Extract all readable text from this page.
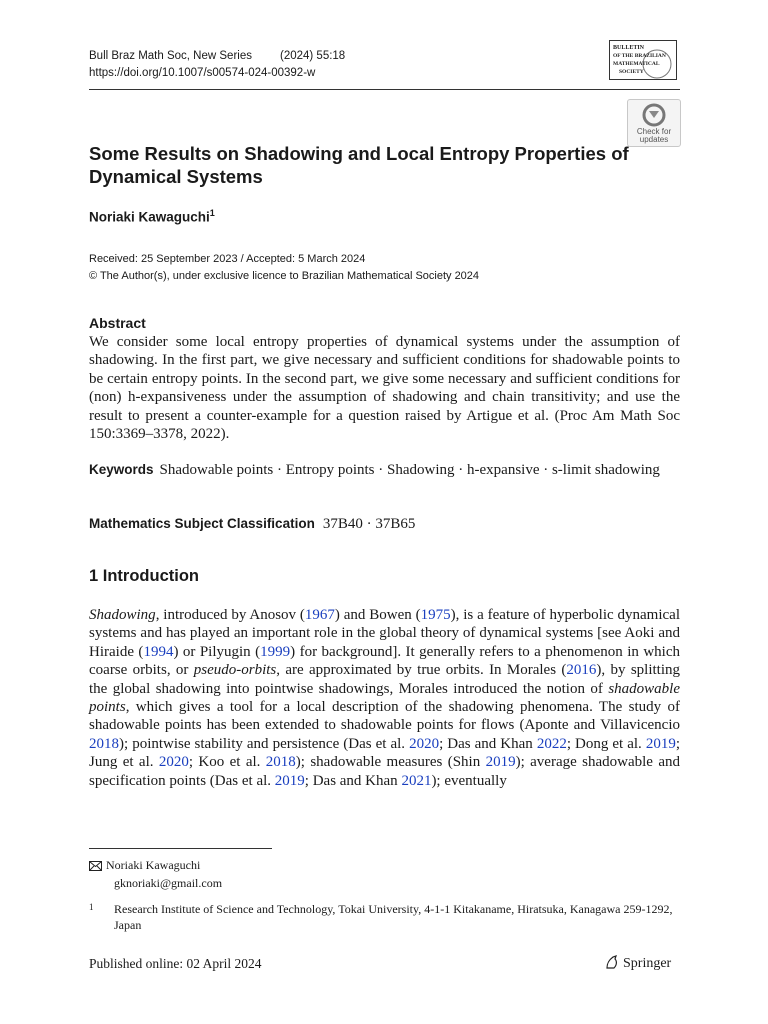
Bull Braz Math Soc, New Series (2024) 55:18
https://doi.org/10.1007/s00574-024-00392-w
BULLETIN
OF THE BRAZILIAN
MATHEMATICAL
SOCIETY
Check for updates
Some Results on Shadowing and Local Entropy Properties of Dynamical Systems
Noriaki Kawaguchi$^1$
Received: 25 September 2023 / Accepted: 5 March 2024
© The Author(s), under exclusive licence to Brazilian Mathematical Society 2024
Abstract

We consider some local entropy properties of dynamical systems under the assumption of shadowing. In the first part, we give necessary and sufficient conditions for shadowable points to be certain entropy points. In the second part, we give some necessary and sufficient conditions for (non) h-expansiveness under the assumption of shadowing and chain transitivity; and use the result to present a counter-example for a question raised by Artigue et al. (Proc Am Math Soc 150:3369–3378, 2022).

Keywords Shadowable points · Entropy points · Shadowing · h-expansive · s-limit shadowing

Mathematics Subject Classification 37B40 · 37B65

1 Introduction

Shadowing, introduced by Anosov (1967) and Bowen (1975), is a feature of hyperbolic dynamical systems and has played an important role in the global theory of dynamical systems [see Aoki and Hiraide (1994) or Pilyugin (1999) for background]. It generally refers to a phenomenon in which coarse orbits, or pseudo-orbits, are approximated by true orbits. In Morales (2016), by splitting the global shadowing into pointwise shadowings, Morales introduced the notion of shadowable points, which gives a tool for a local description of the shadowing phenomena. The study of shadowable points has been extended to shadowable points for flows (Aponte and Villavicencio 2018); pointwise stability and persistence (Das et al. 2020; Das and Khan 2022; Dong et al. 2019; Jung et al. 2020; Koo et al. 2018); shadowable measures (Shin 2019); average shadowable and specification points (Das et al. 2019; Das and Khan 2021); eventually

Noriaki Kawaguchi
gknoriaki@gmail.com
1 Research Institute of Science and Technology, Tokai University, 4-1-1 Kitakaname, Hiratsuka, Kanagawa 259-1292, Japan
Published online: 02 April 2024	Springer
